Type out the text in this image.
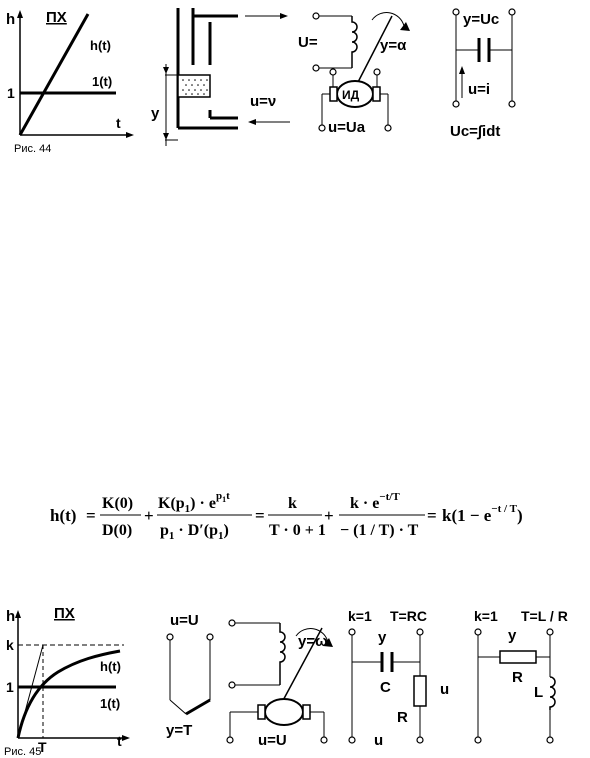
h ПХ
h(t)
1
1(t)
t
Рис. 44
y
u=ν
U=	y=α
ИД
u=Ua
y=Uc
u=i
Uc=∫idt
h(t) =
K(0)
D(0)
+
$K(p_1) \cdot e^p1t$
$p_1 \cdot D'(p_1)$
=
k
T · 0 + 1
+
$k \cdot e^{-t/T}$
− (1 / T) · T
= $k(1 - e^{-t / T})$
h	ПХ
k
h(t)
1
1(t)
T	t
Рис. 45
u=U
y=T
y=ω
u=U
k=1 T=RC
y
C	u
R
u
k=1 T=L / R
y
R
L
